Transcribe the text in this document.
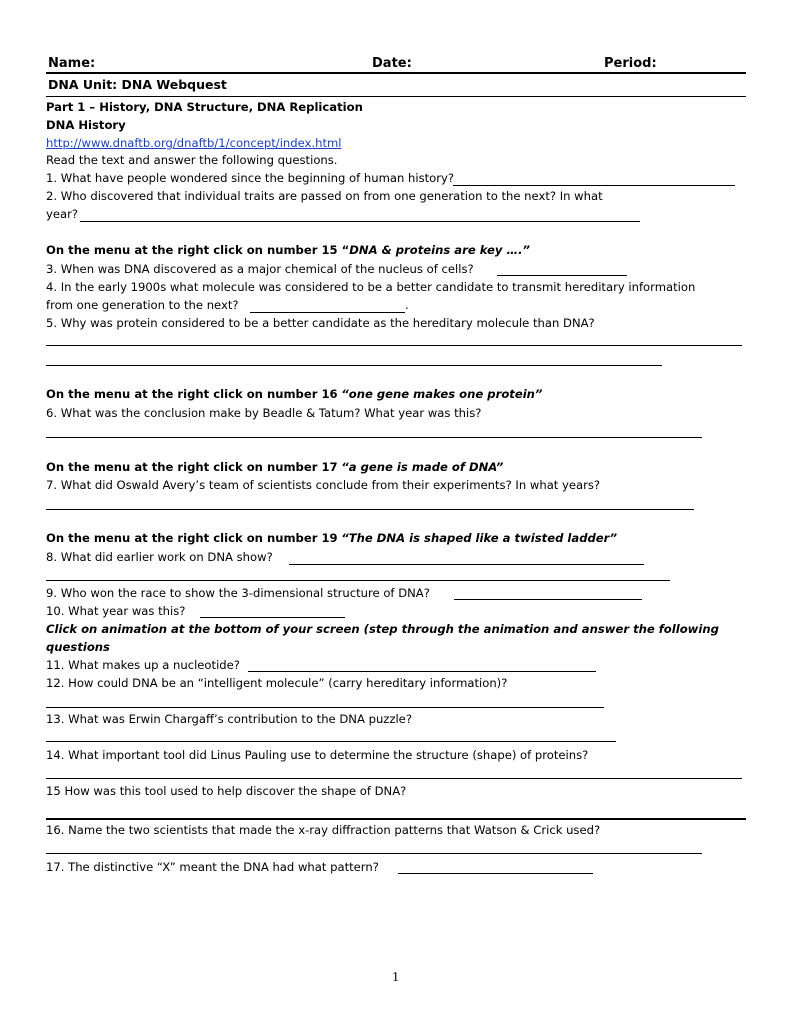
Name:	Date:	Period:
DNA Unit: DNA Webquest
Part 1 – History, DNA Structure, DNA Replication
DNA History
http://www.dnaftb.org/dnaftb/1/concept/index.html
Read the text and answer the following questions.
1. What have people wondered since the beginning of human history?
2. Who discovered that individual traits are passed on from one generation to the next? In what
year?
On the menu at the right click on number 15 “DNA & proteins are key ….”
3. When was DNA discovered as a major chemical of the nucleus of cells?
4. In the early 1900s what molecule was considered to be a better candidate to transmit hereditary information
from one generation to the next?	.
5. Why was protein considered to be a better candidate as the hereditary molecule than DNA?
On the menu at the right click on number 16 “one gene makes one protein”
6. What was the conclusion make by Beadle & Tatum? What year was this?
On the menu at the right click on number 17 “a gene is made of DNA”
7. What did Oswald Avery’s team of scientists conclude from their experiments? In what years?
On the menu at the right click on number 19 “The DNA is shaped like a twisted ladder”
8. What did earlier work on DNA show?
9. Who won the race to show the 3-dimensional structure of DNA?
10. What year was this?
Click on animation at the bottom of your screen (step through the animation and answer the following
questions
11. What makes up a nucleotide?
12. How could DNA be an “intelligent molecule” (carry hereditary information)?
13. What was Erwin Chargaff’s contribution to the DNA puzzle?
14. What important tool did Linus Pauling use to determine the structure (shape) of proteins?
15 How was this tool used to help discover the shape of DNA?
16. Name the two scientists that made the x-ray diffraction patterns that Watson & Crick used?
17. The distinctive “X” meant the DNA had what pattern?
1
